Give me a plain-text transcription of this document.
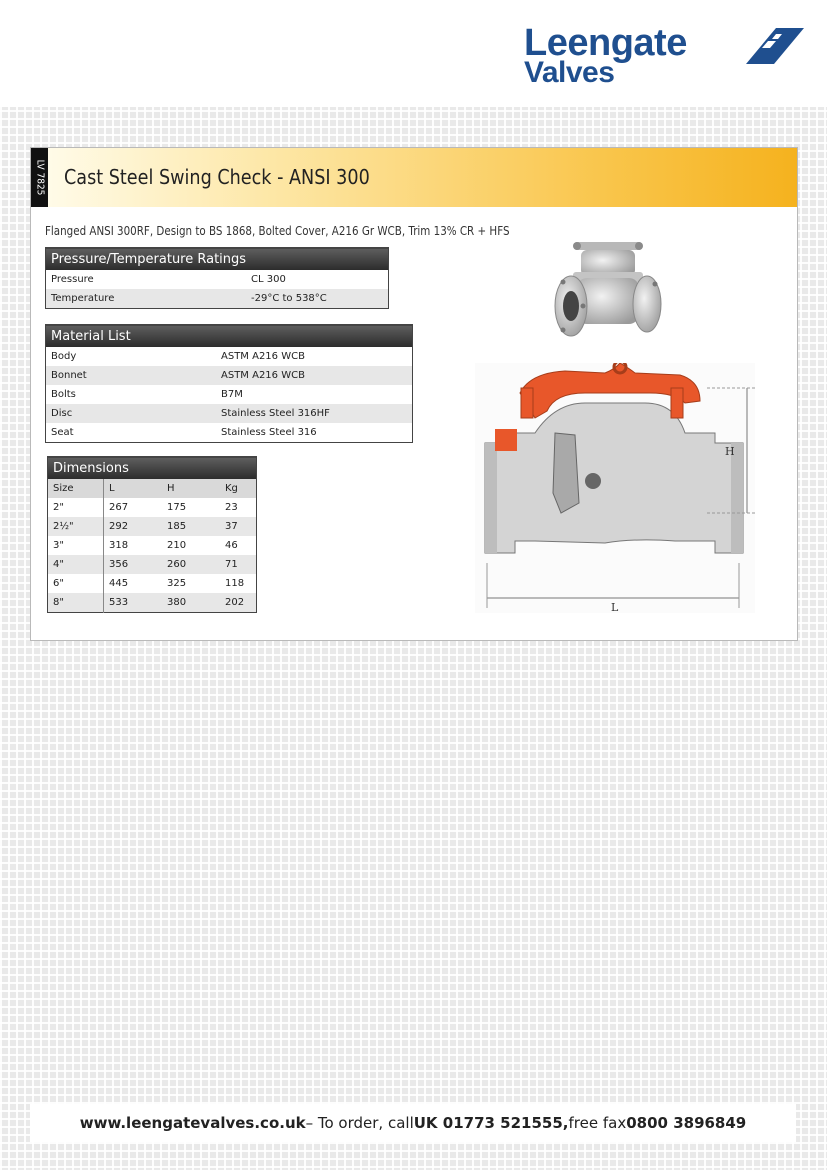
Leengate
Valves
LV 7825 Cast Steel Swing Check - ANSI 300
Flanged ANSI 300RF, Design to BS 1868, Bolted Cover, A216 Gr WCB, Trim 13% CR + HFS
Pressure/Temperature Ratings	
Pressure	CL 300
Temperature	-29°C to 538°C
Material List	
Body	ASTM A216 WCB
Bonnet	ASTM A216 WCB
Bolts	B7M
Disc	Stainless Steel 316HF
Seat	Stainless Steel 316
Dimensions			
Size	L	H	Kg
2"	267	175	23
2½"	292	185	37
3"	318	210	46
4"	356	260	71
6"	445	325	118
8"	533	380	202
H
L
www.leengatevalves.co.uk – To order, call UK 01773 521555, free fax 0800 3896849
